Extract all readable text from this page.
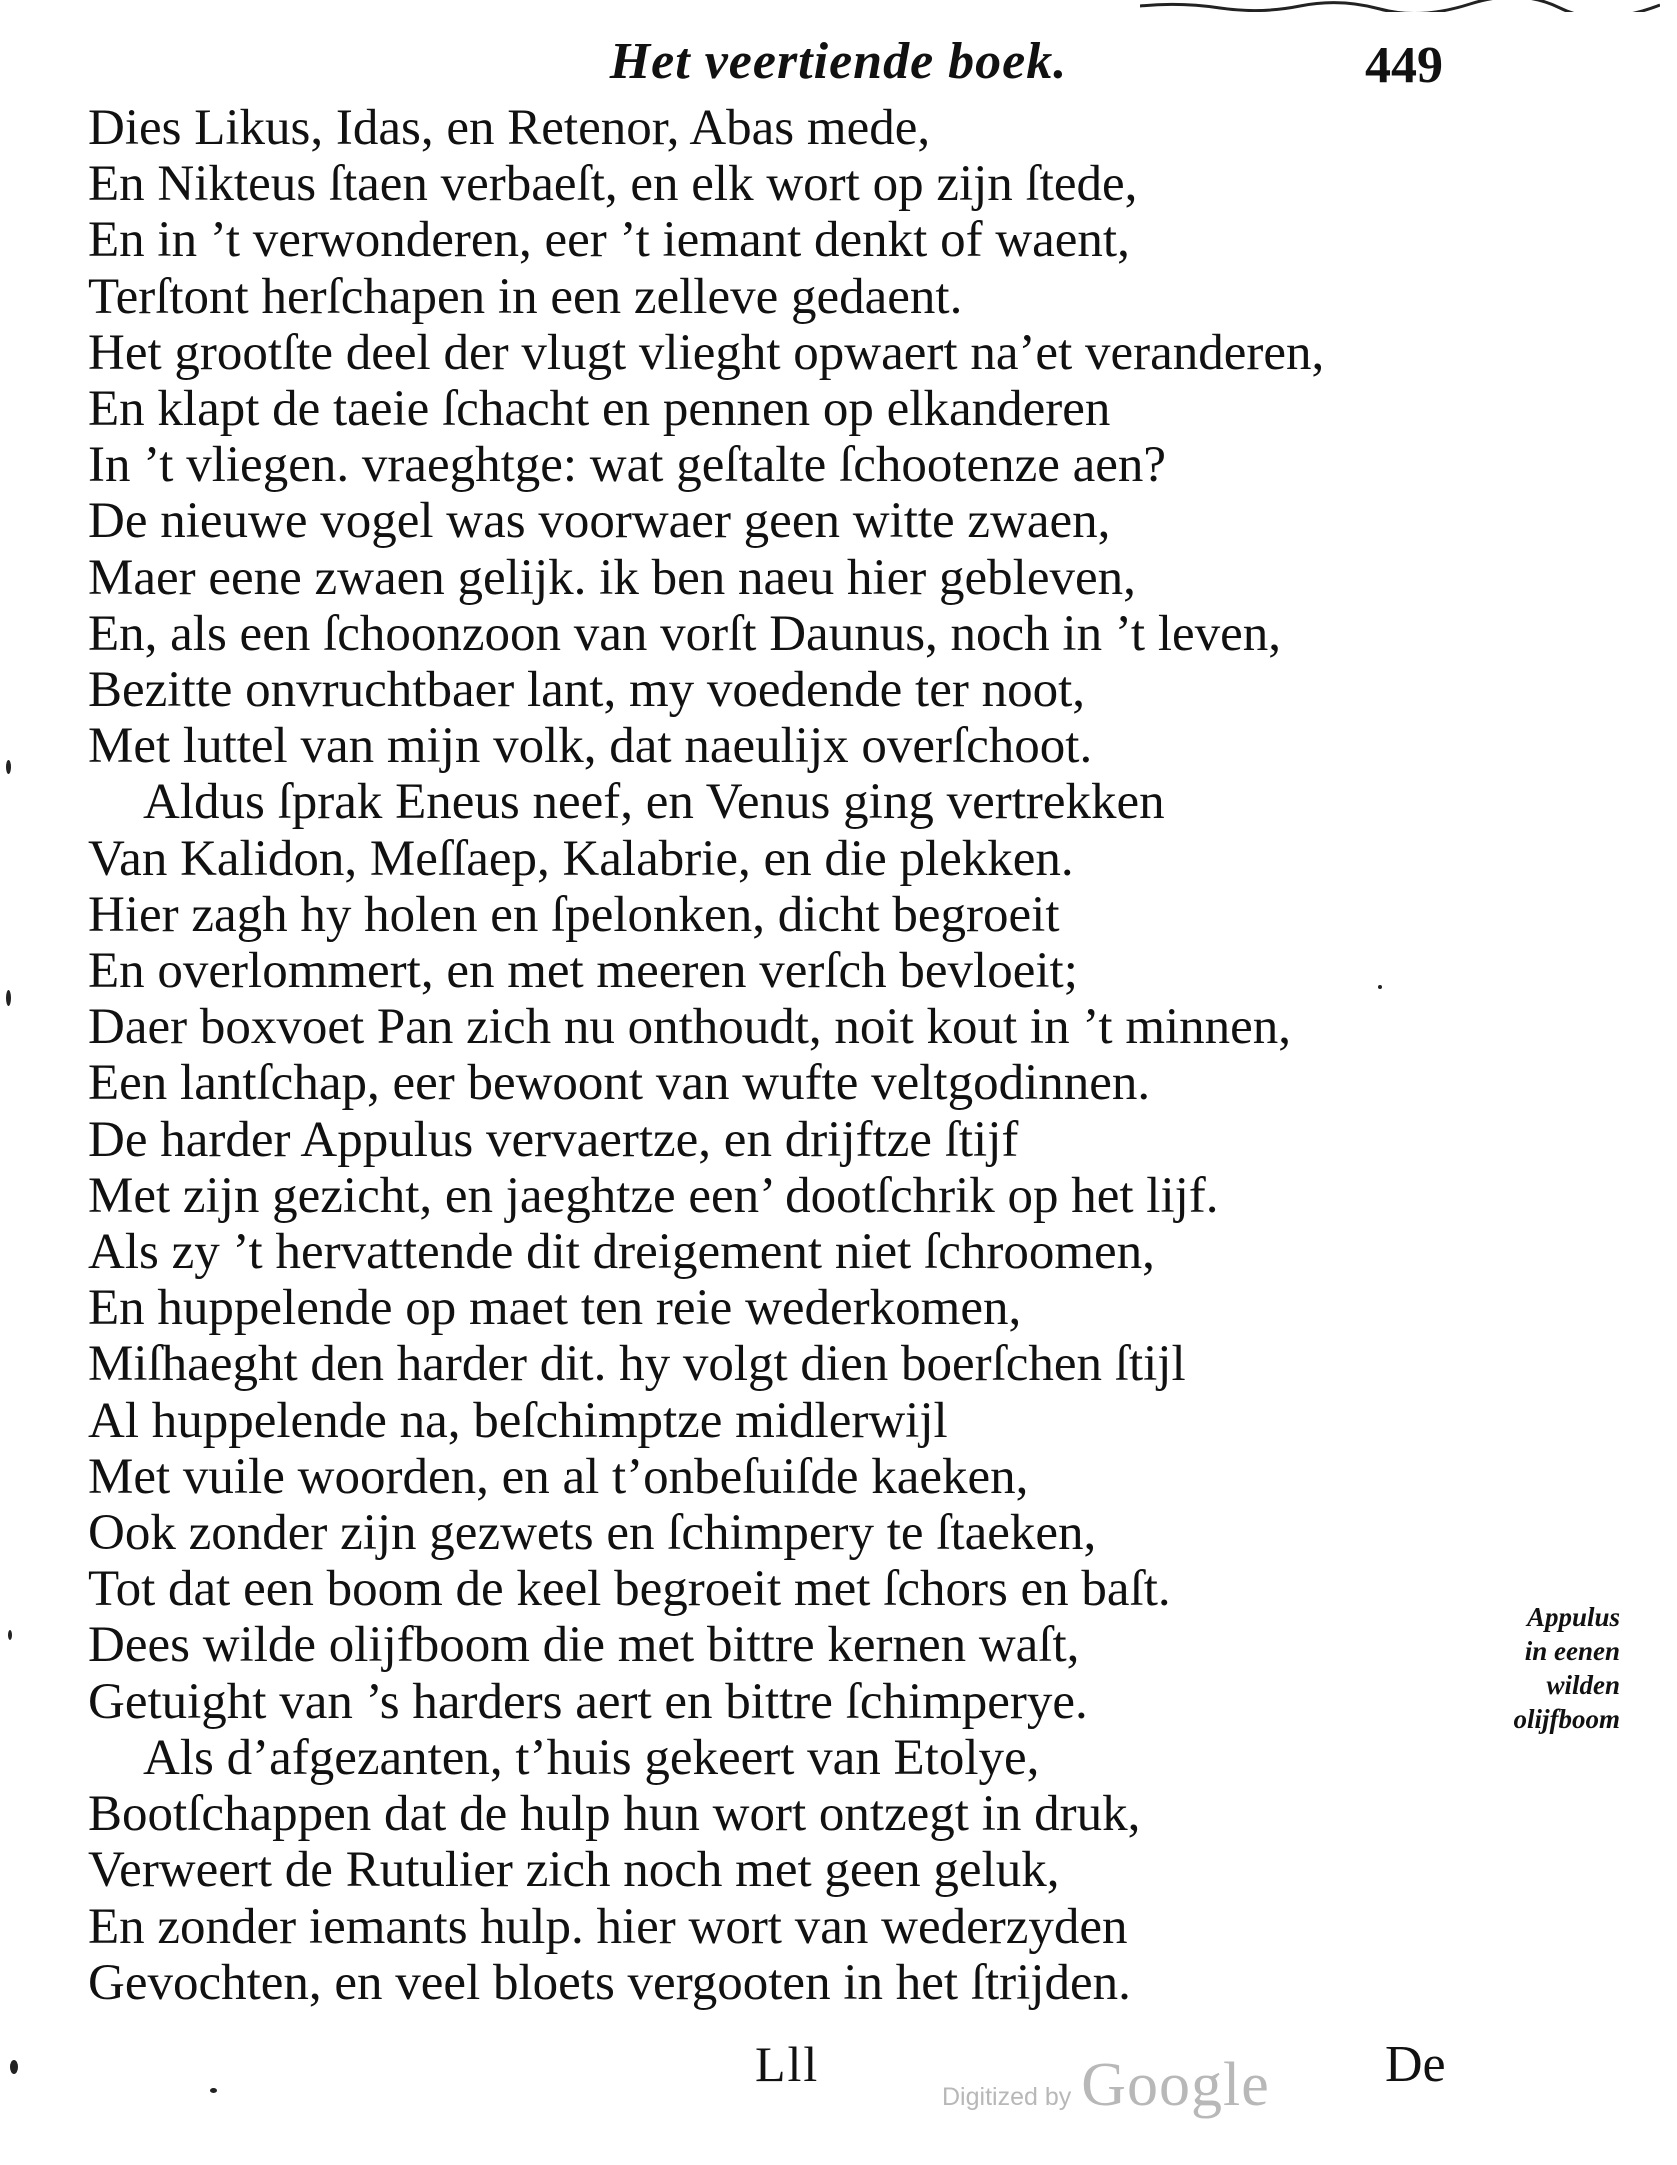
Het veertiende boek.	449
Dies Likus, Idas, en Retenor, Abas mede,
En Nikteus ſtaen verbaeſt, en elk wort op zijn ſtede,
En in ’t verwonderen, eer ’t iemant denkt of waent,
Terſtont herſchapen in een zelleve gedaent.
Het grootſte deel der vlugt vlieght opwaert na’et veranderen,
En klapt de taeie ſchacht en pennen op elkanderen
In ’t vliegen. vraeghtge: wat geſtalte ſchootenze aen?
De nieuwe vogel was voorwaer geen witte zwaen,
Maer eene zwaen gelijk. ik ben naeu hier gebleven,
En, als een ſchoonzoon van vorſt Daunus, noch in ’t leven,
Bezitte onvruchtbaer lant, my voedende ter noot,
Met luttel van mijn volk, dat naeulijx overſchoot.
Aldus ſprak Eneus neef, en Venus ging vertrekken
Van Kalidon, Meſſaep, Kalabrie, en die plekken.
Hier zagh hy holen en ſpelonken, dicht begroeit
En overlommert, en met meeren verſch bevloeit;
Daer boxvoet Pan zich nu onthoudt, noit kout in ’t minnen,
Een lantſchap, eer bewoont van wufte veltgodinnen.
De harder Appulus vervaertze, en drijftze ſtijf
Met zijn gezicht, en jaeghtze een’ dootſchrik op het lijf.
Als zy ’t hervattende dit dreigement niet ſchroomen,
En huppelende op maet ten reie wederkomen,
Miſhaeght den harder dit. hy volgt dien boerſchen ſtijl
Al huppelende na, beſchimptze midlerwijl
Met vuile woorden, en al t’onbeſuiſde kaeken,
Ook zonder zijn gezwets en ſchimpery te ſtaeken,
Tot dat een boom de keel begroeit met ſchors en baſt.
Dees wilde olijfboom die met bittre kernen waſt,
Getuight van ’s harders aert en bittre ſchimperye.
Als d’afgezanten, t’huis gekeert van Etolye,
Bootſchappen dat de hulp hun wort ontzegt in druk,
Verweert de Rutulier zich noch met geen geluk,
En zonder iemants hulp. hier wort van wederzyden
Gevochten, en veel bloets vergooten in het ſtrijden.
Appulus
in eenen
wilden
olijfboom
Lll	De
Digitized by Google
